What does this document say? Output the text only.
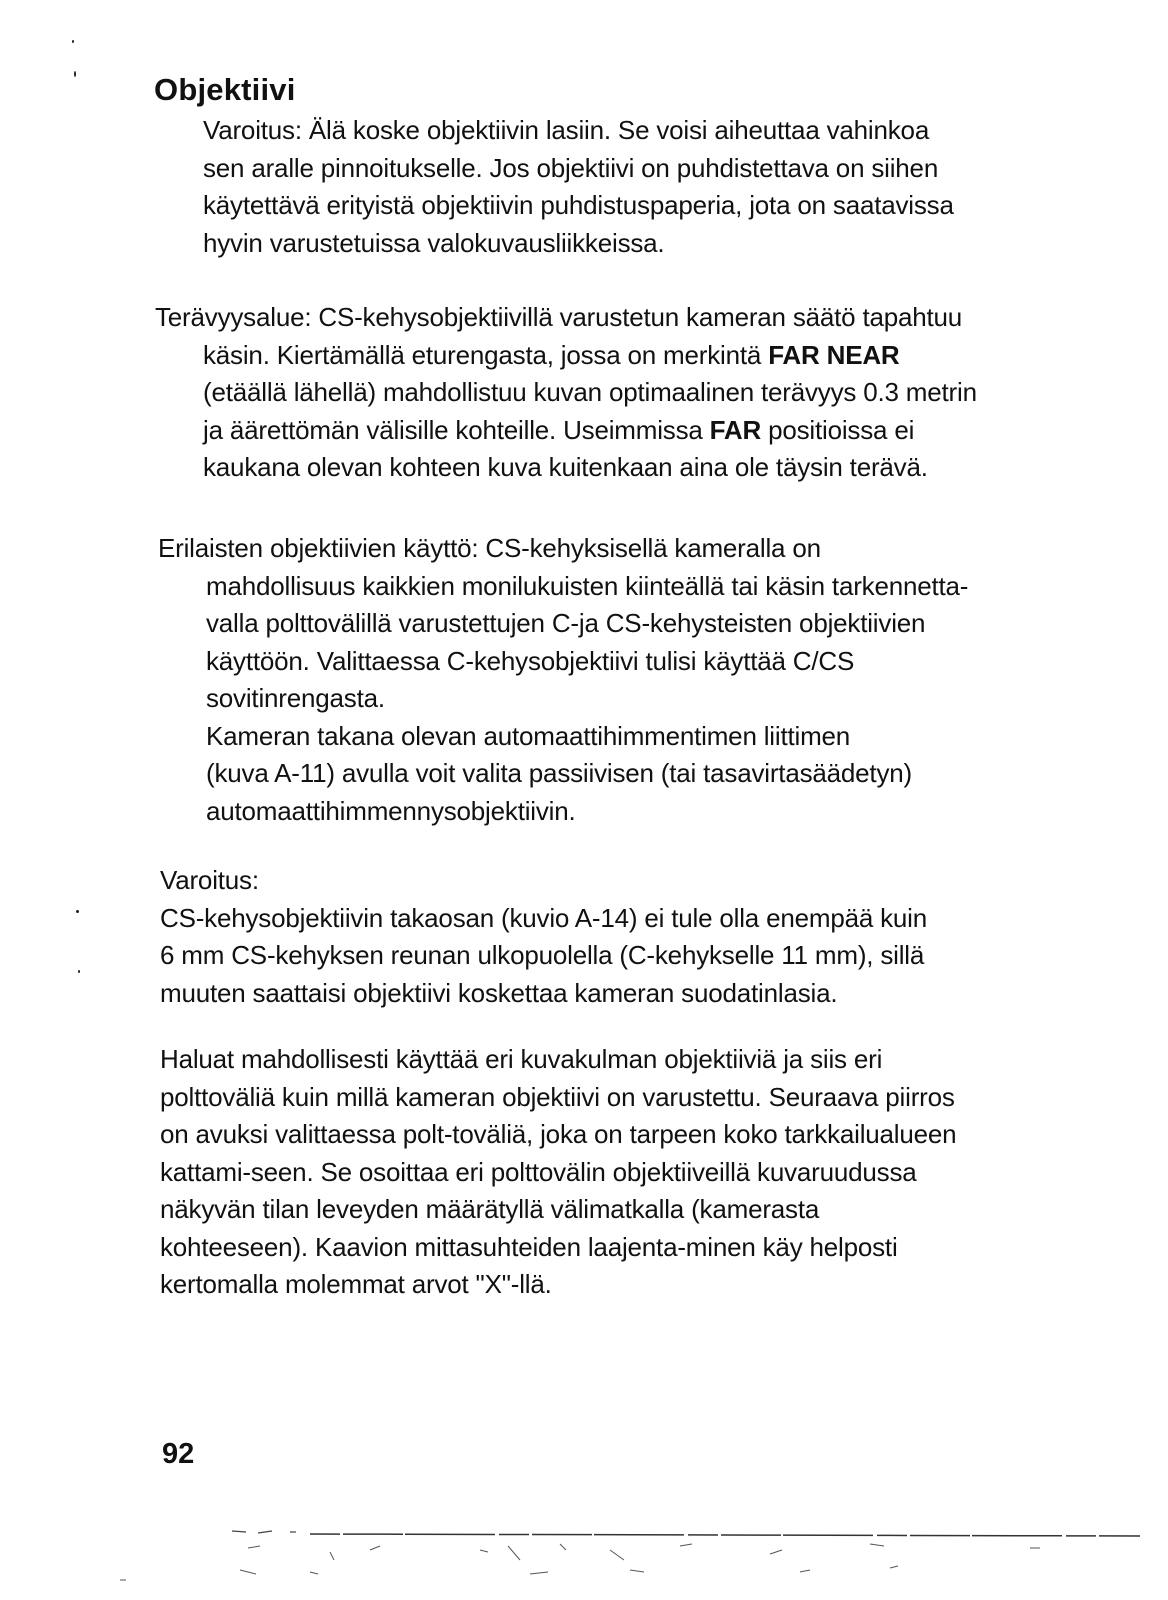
Objektiivi
Varoitus: Älä koske objektiivin lasiin. Se voisi aiheuttaa vahinkoa
sen aralle pinnoitukselle. Jos objektiivi on puhdistettava on siihen
käytettävä erityistä objektiivin puhdistuspaperia, jota on saatavissa
hyvin varustetuissa valokuvausliikkeissa.
Terävyysalue: CS-kehysobjektiivillä varustetun kameran säätö tapahtuu
käsin. Kiertämällä eturengasta, jossa on merkintä FAR NEAR
(etäällä lähellä) mahdollistuu kuvan optimaalinen terävyys 0.3 metrin
ja äärettömän välisille kohteille. Useimmissa FAR positioissa ei
kaukana olevan kohteen kuva kuitenkaan aina ole täysin terävä.
Erilaisten objektiivien käyttö: CS-kehyksisellä kameralla on
mahdollisuus kaikkien monilukuisten kiinteällä tai käsin tarkennetta-
valla polttovälillä varustettujen C-ja CS-kehysteisten objektiivien
käyttöön. Valittaessa C-kehysobjektiivi tulisi käyttää C/CS
sovitinrengasta.
Kameran takana olevan automaattihimmentimen liittimen
(kuva A-11) avulla voit valita passiivisen (tai tasavirtasäädetyn)
automaattihimmennysobjektiivin.
Varoitus:
CS-kehysobjektiivin takaosan (kuvio A-14) ei tule olla enempää kuin
6 mm CS-kehyksen reunan ulkopuolella (C-kehykselle 11 mm), sillä
muuten saattaisi objektiivi koskettaa kameran suodatinlasia.
Haluat mahdollisesti käyttää eri kuvakulman objektiiviä ja siis eri
polttoväliä kuin millä kameran objektiivi on varustettu. Seuraava piirros
on avuksi valittaessa polt-toväliä, joka on tarpeen koko tarkkailualueen
kattami-seen. Se osoittaa eri polttovälin objektiiveillä kuvaruudussa
näkyvän tilan leveyden määrätyllä välimatkalla (kamerasta
kohteeseen). Kaavion mittasuhteiden laajenta-minen käy helposti
kertomalla molemmat arvot "X"-llä.
92
